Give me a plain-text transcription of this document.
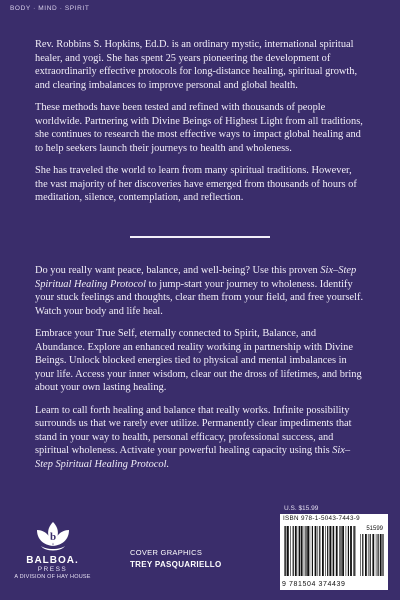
BODY · MIND · SPIRIT

Rev. Robbins S. Hopkins, Ed.D. is an ordinary mystic, international spiritual healer, and yogi. She has spent 25 years pioneering the development of extraordinarily effective protocols for long-distance healing, spiritual growth, and clearing imbalances to improve personal and global health.

These methods have been tested and refined with thousands of people worldwide. Partnering with Divine Beings of Highest Light from all traditions, she continues to research the most effective ways to impact global healing and to help seekers launch their journeys to health and wholeness.

She has traveled the world to learn from many spiritual traditions. However, the vast majority of her discoveries have emerged from thousands of hours of meditation, silence, contemplation, and reflection.

Do you really want peace, balance, and well-being? Use this proven Six–Step Spiritual Healing Protocol to jump-start your journey to wholeness. Identify your stuck feelings and thoughts, clear them from your field, and free yourself. Watch your body and life heal.

Embrace your True Self, eternally connected to Spirit, Balance, and Abundance. Explore an enhanced reality working in partnership with Divine Beings. Unlock blocked energies tied to physical and mental imbalances in your life. Access your inner wisdom, clear out the dross of lifetimes, and bring about your own lasting healing.

Learn to call forth healing and balance that really works. Infinite possibility surrounds us that we rarely ever utilize. Permanently clear impediments that stand in your way to health, personal efficacy, professional success, and spiritual wholeness. Activate your powerful healing capacity using this Six–Step Spiritual Healing Protocol.

U.S. $15.99
ISBN 978-1-5043-7443-9
51599
9 781504 374439
b
BALBOA.
PRESS
A DIVISION OF HAY HOUSE
COVER GRAPHICS
TREY PASQUARIELLO
